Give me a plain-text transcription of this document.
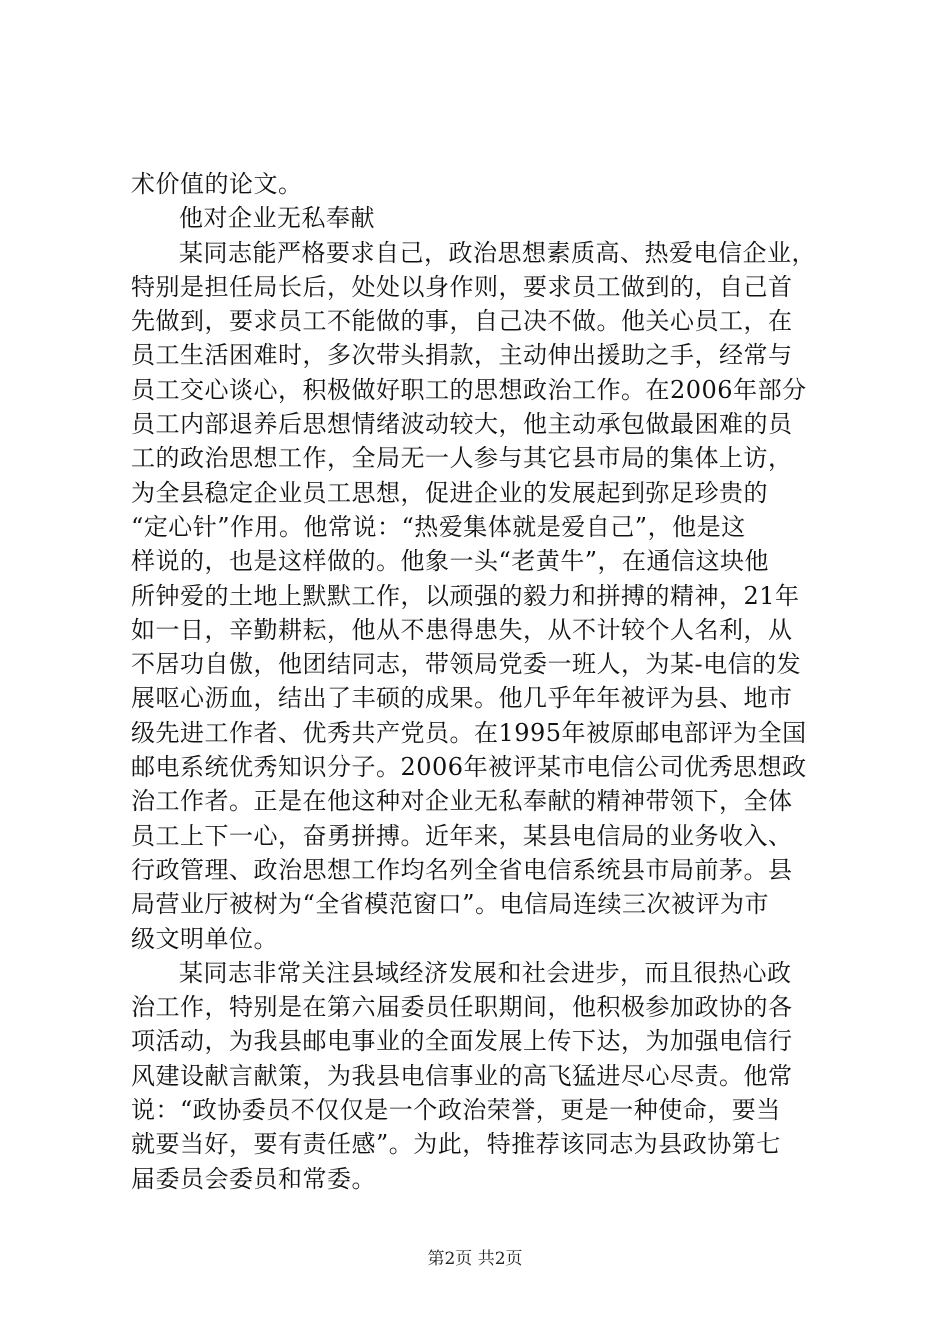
术价值的论文。
他对企业无私奉献
某同志能严格要求自己，政治思想素质高、热爱电信企业，
特别是担任局长后，处处以身作则，要求员工做到的，自己首
先做到，要求员工不能做的事，自己决不做。他关心员工，在
员工生活困难时，多次带头捐款，主动伸出援助之手，经常与
员工交心谈心，积极做好职工的思想政治工作。在2006年部分
员工内部退养后思想情绪波动较大，他主动承包做最困难的员
工的政治思想工作，全局无一人参与其它县市局的集体上访，
为全县稳定企业员工思想，促进企业的发展起到弥足珍贵的
“定心针”作用。他常说：“热爱集体就是爱自己”，他是这
样说的，也是这样做的。他象一头“老黄牛”，在通信这块他
所钟爱的土地上默默工作，以顽强的毅力和拼搏的精神，21年
如一日，辛勤耕耘，他从不患得患失，从不计较个人名利，从
不居功自傲，他团结同志，带领局党委一班人，为某-电信的发
展呕心沥血，结出了丰硕的成果。他几乎年年被评为县、地市
级先进工作者、优秀共产党员。在1995年被原邮电部评为全国
邮电系统优秀知识分子。2006年被评某市电信公司优秀思想政
治工作者。正是在他这种对企业无私奉献的精神带领下，全体
员工上下一心，奋勇拼搏。近年来，某县电信局的业务收入、
行政管理、政治思想工作均名列全省电信系统县市局前茅。县
局营业厅被树为“全省模范窗口”。电信局连续三次被评为市
级文明单位。
某同志非常关注县域经济发展和社会进步，而且很热心政
治工作，特别是在第六届委员任职期间，他积极参加政协的各
项活动，为我县邮电事业的全面发展上传下达，为加强电信行
风建设献言献策，为我县电信事业的高飞猛进尽心尽责。他常
说：“政协委员不仅仅是一个政治荣誉，更是一种使命，要当
就要当好，要有责任感”。为此，特推荐该同志为县政协第七
届委员会委员和常委。
第2页 共2页
